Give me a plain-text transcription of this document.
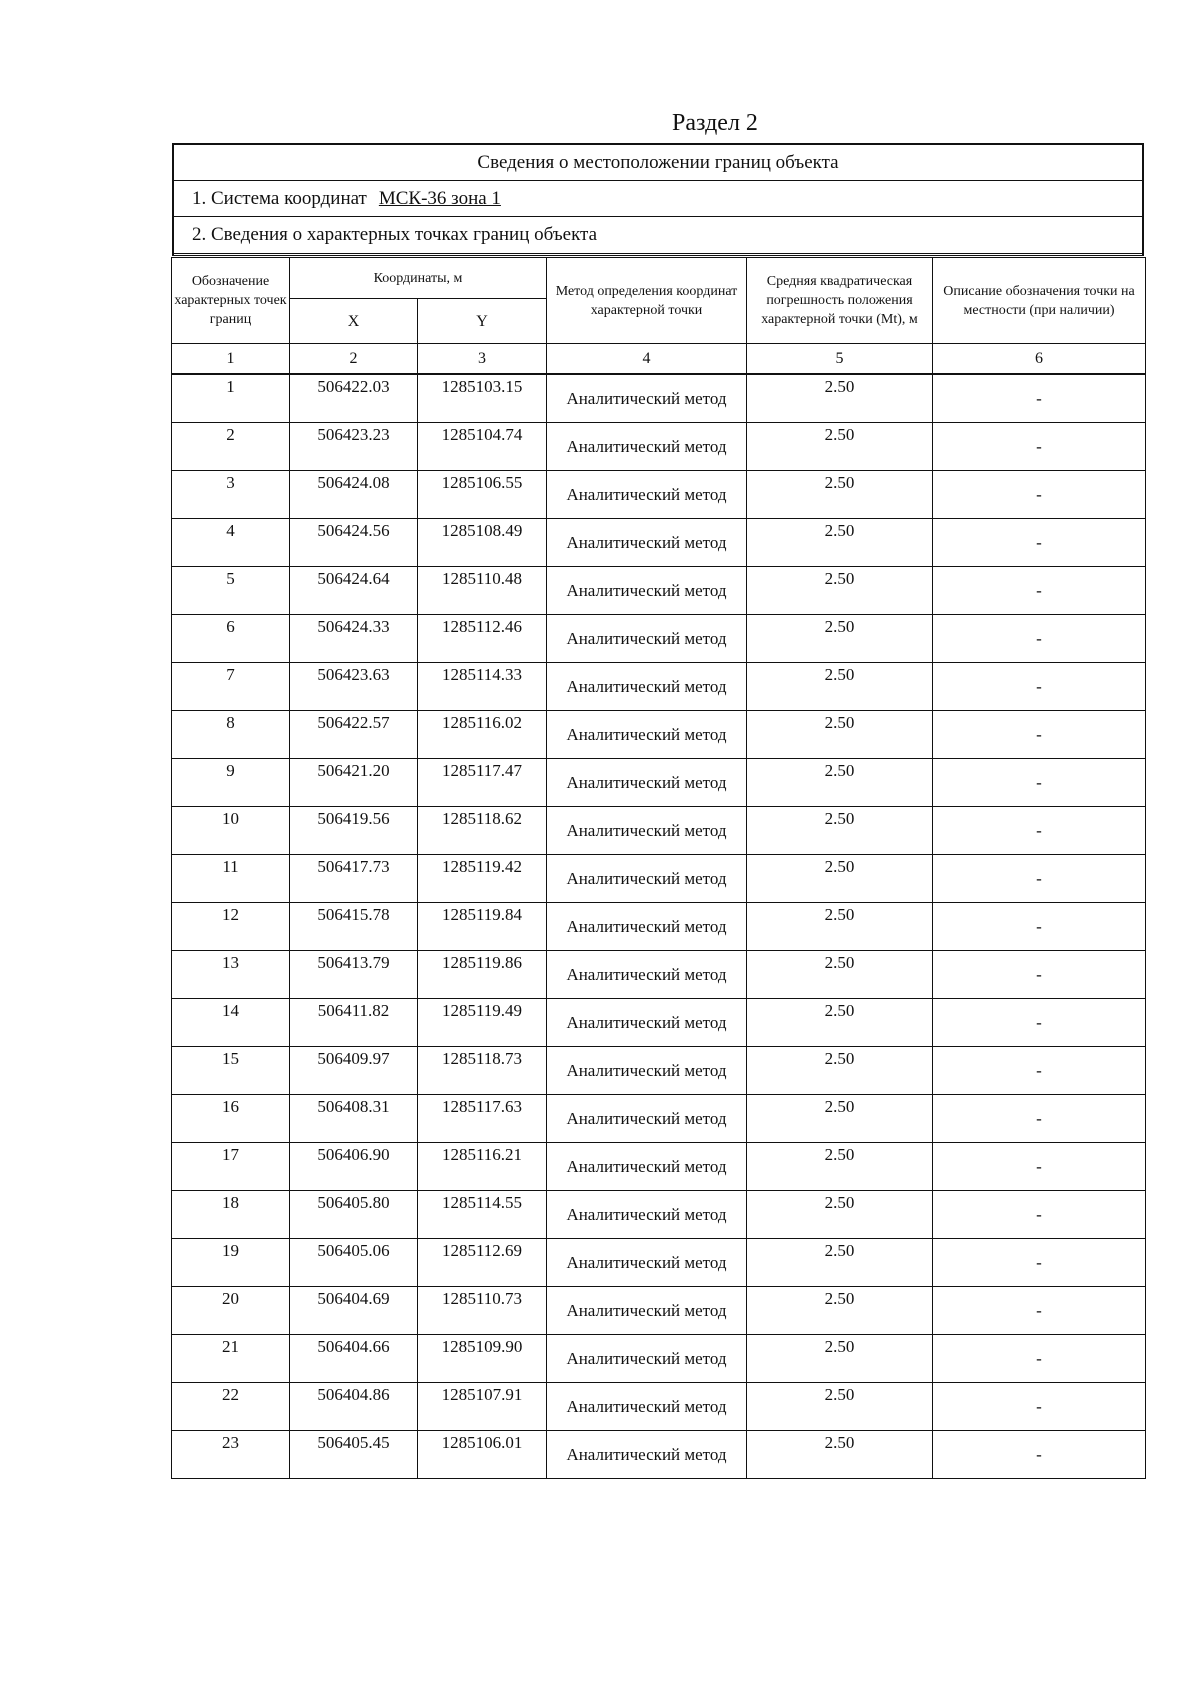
Раздел 2
Сведения о местоположении границ объекта
1. Система координат МСК-36 зона 1
2. Сведения о характерных точках границ объекта
Обозначение характерных точек границ	Координаты, м		Метод определения координат характерной точки	Средняя квадратическая погрешность положения характерной точки (Mt), м	Описание обозначения точки на местности (при наличии)
	X	Y			
1	2	3	4	5	6

1	506422.03	1285103.15	Аналитический метод	2.50	-

2	506423.23	1285104.74	Аналитический метод	2.50	-

3	506424.08	1285106.55	Аналитический метод	2.50	-

4	506424.56	1285108.49	Аналитический метод	2.50	-

5	506424.64	1285110.48	Аналитический метод	2.50	-

6	506424.33	1285112.46	Аналитический метод	2.50	-

7	506423.63	1285114.33	Аналитический метод	2.50	-

8	506422.57	1285116.02	Аналитический метод	2.50	-

9	506421.20	1285117.47	Аналитический метод	2.50	-

10	506419.56	1285118.62	Аналитический метод	2.50	-

11	506417.73	1285119.42	Аналитический метод	2.50	-

12	506415.78	1285119.84	Аналитический метод	2.50	-

13	506413.79	1285119.86	Аналитический метод	2.50	-

14	506411.82	1285119.49	Аналитический метод	2.50	-

15	506409.97	1285118.73	Аналитический метод	2.50	-

16	506408.31	1285117.63	Аналитический метод	2.50	-

17	506406.90	1285116.21	Аналитический метод	2.50	-

18	506405.80	1285114.55	Аналитический метод	2.50	-

19	506405.06	1285112.69	Аналитический метод	2.50	-

20	506404.69	1285110.73	Аналитический метод	2.50	-

21	506404.66	1285109.90	Аналитический метод	2.50	-

22	506404.86	1285107.91	Аналитический метод	2.50	-

23	506405.45	1285106.01	Аналитический метод	2.50	-
